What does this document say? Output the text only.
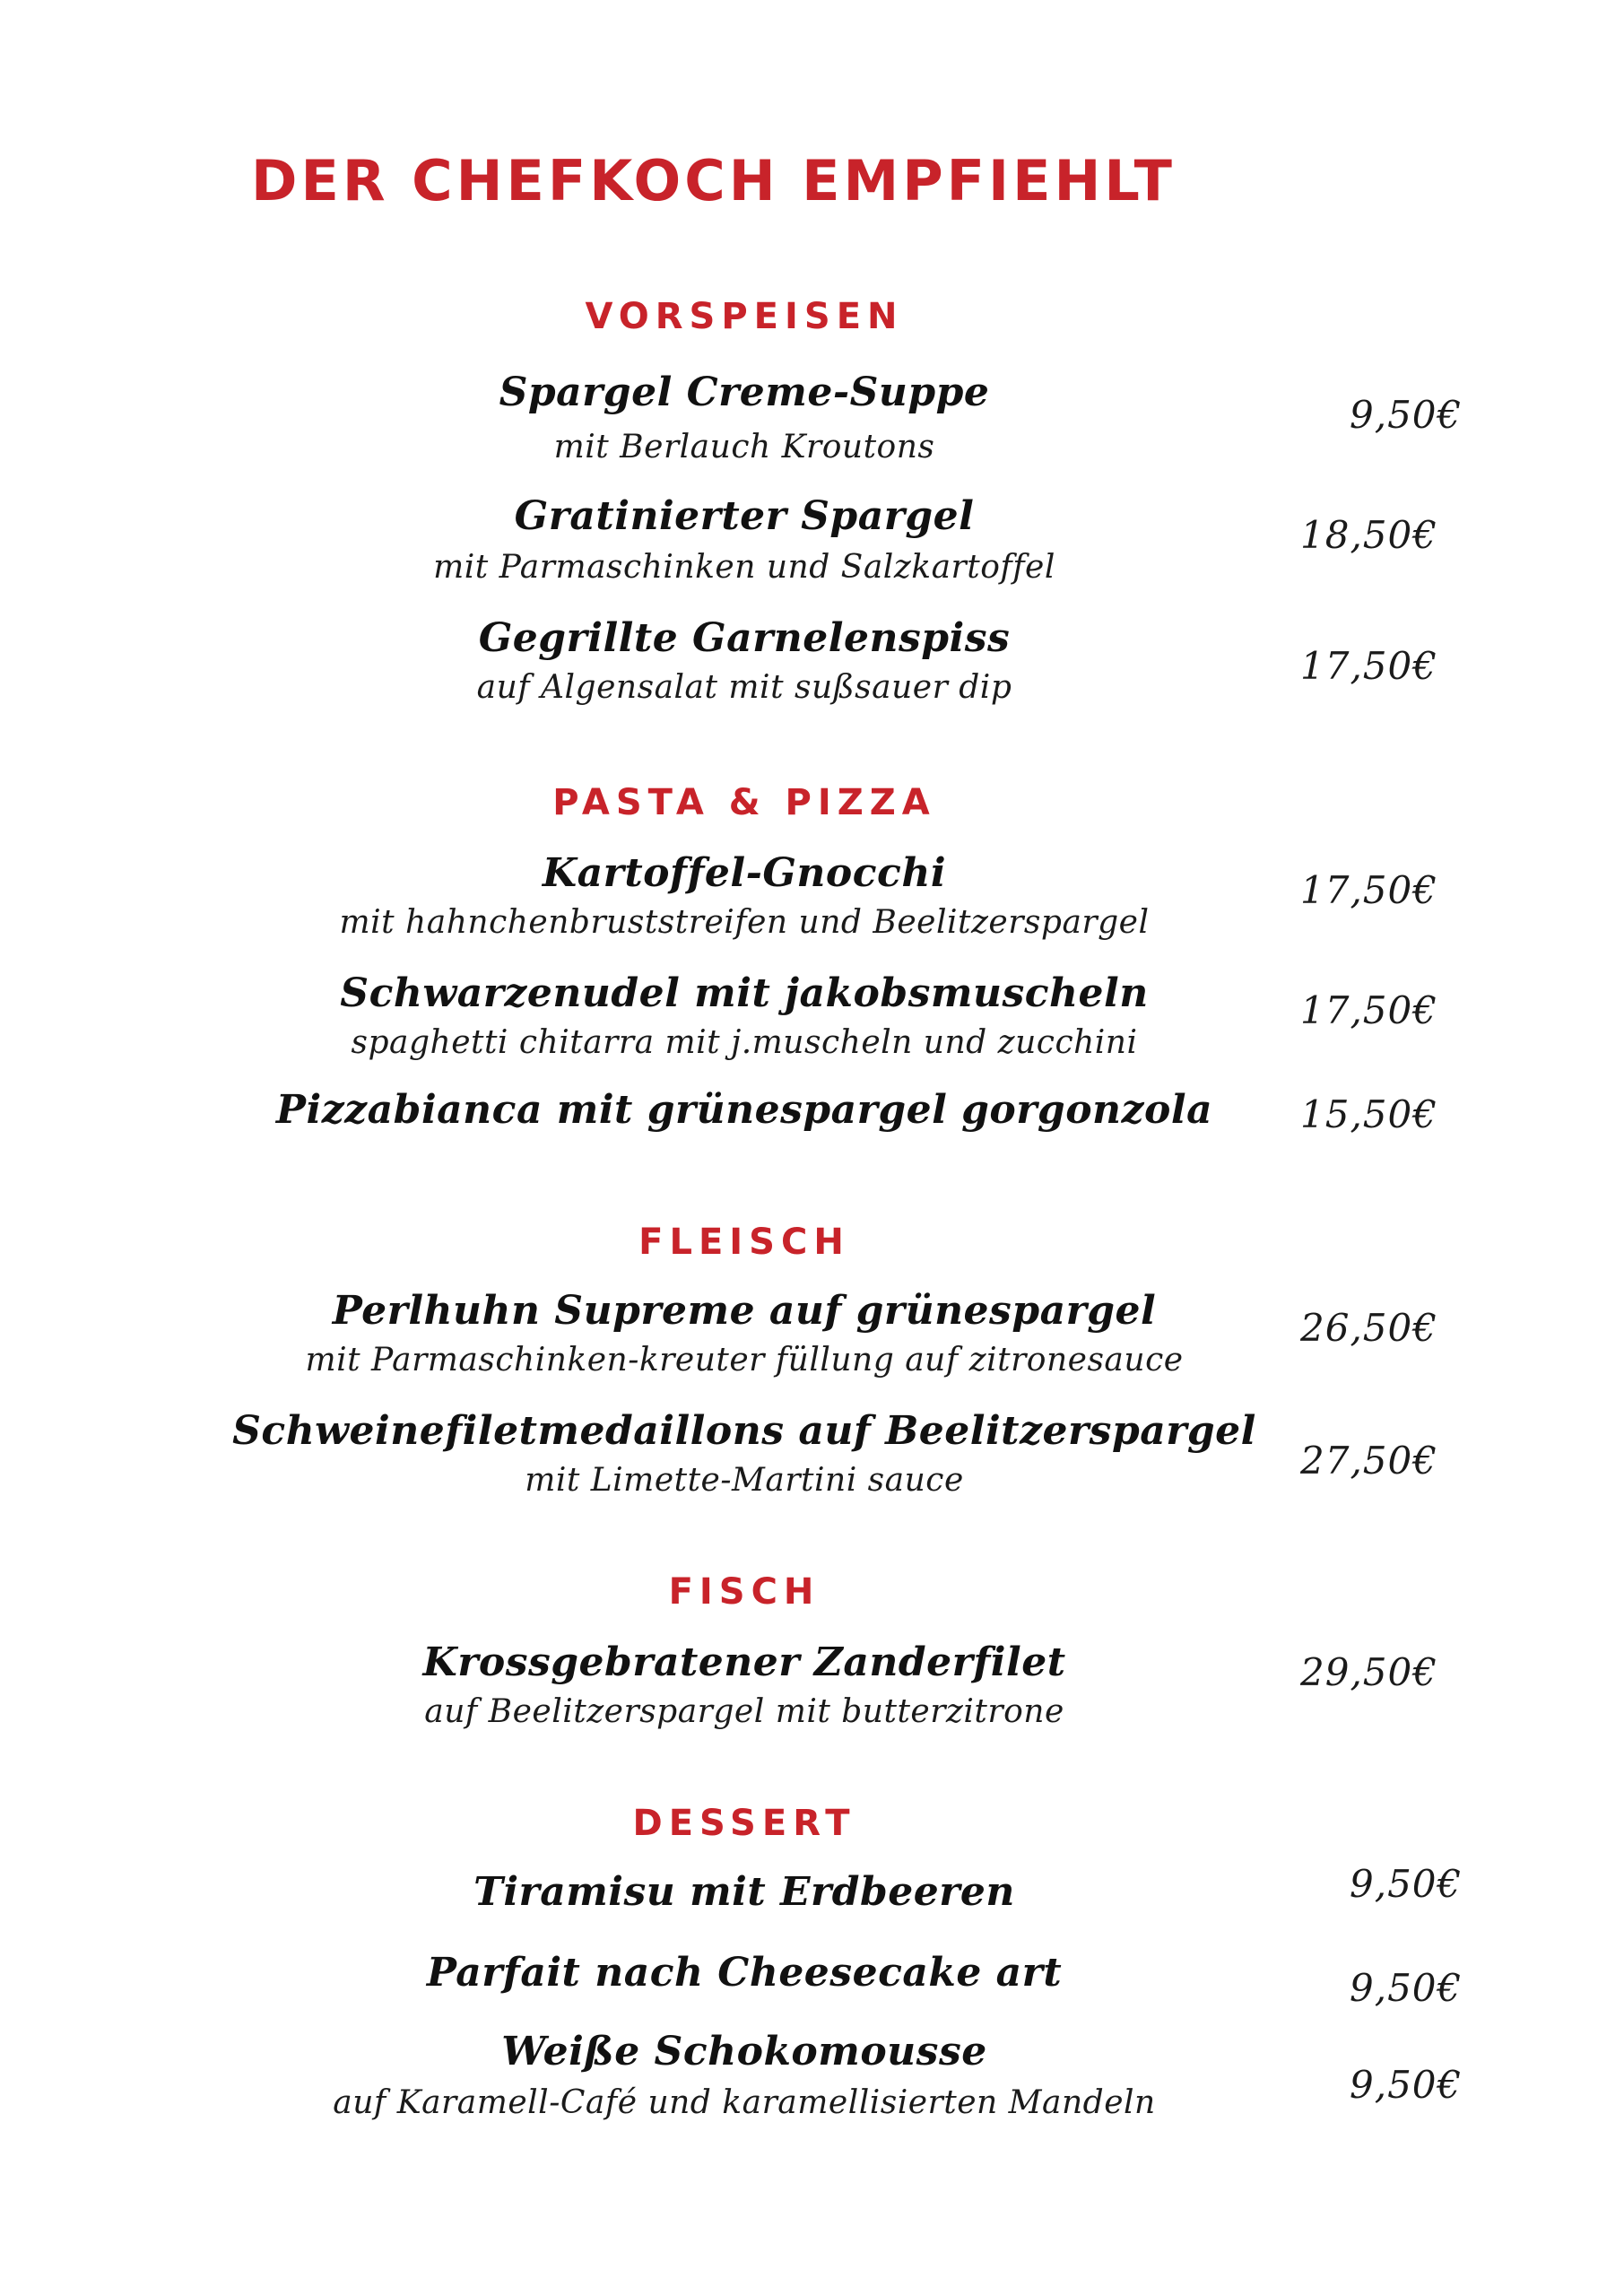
DER CHEFKOCH EMPFIEHLT
VORSPEISEN
Spargel Creme-Suppe
mit Berlauch Kroutons
9,50€
Gratinierter Spargel
mit Parmaschinken und Salzkartoffel
18,50€
Gegrillte Garnelenspiss
auf Algensalat mit sußsauer dip	17,50€
PASTA & PIZZA
Kartoffel-Gnocchi
mit hahnchenbruststreifen und Beelitzerspargel
17,50€
Schwarzenudel mit jakobsmuscheln
spaghetti chitarra mit j.muscheln und zucchini
17,50€
Pizzabianca mit grünespargel gorgonzola	15,50€
FLEISCH
Perlhuhn Supreme auf grünespargel
mit Parmaschinken-kreuter füllung auf zitronesauce
26,50€
Schweinefiletmedaillons auf Beelitzerspargel
mit Limette-Martini sauce	27,50€
FISCH
Krossgebratener Zanderfilet
auf Beelitzerspargel mit butterzitrone
29,50€
DESSERT
Tiramisu mit Erdbeeren	9,50€
Parfait nach Cheesecake art	9,50€
Weiße Schokomousse
auf Karamell-Café und karamellisierten Mandeln	9,50€
